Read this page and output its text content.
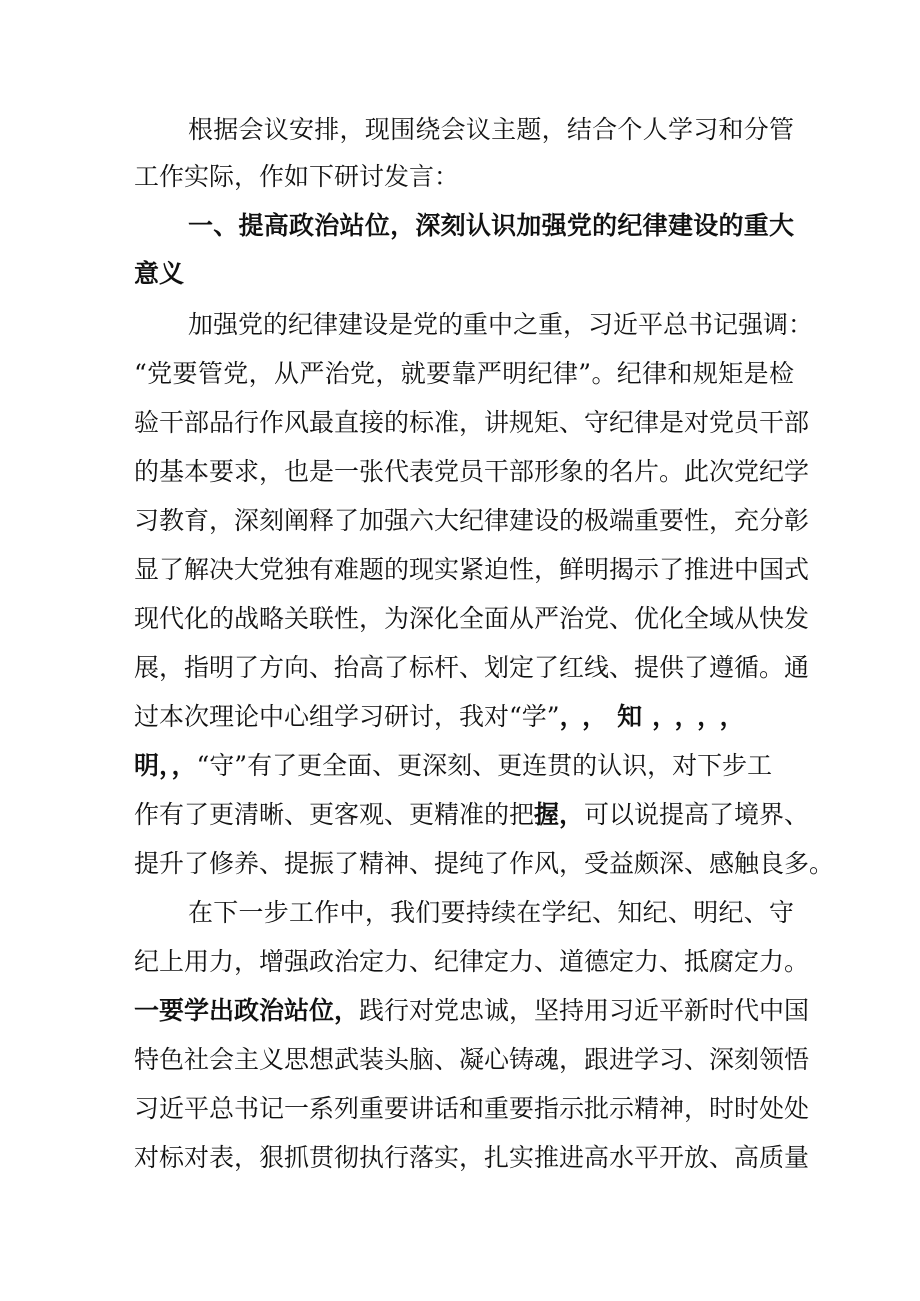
根据会议安排，现围绕会议主题，结合个人学习和分管
工作实际，作如下研讨发言：
一、提高政治站位，深刻认识加强党的纪律建设的重大
意义
加强党的纪律建设是党的重中之重，习近平总书记强调：
“党要管党，从严治党，就要靠严明纪律”。纪律和规矩是检
验干部品行作风最直接的标准，讲规矩、守纪律是对党员干部
的基本要求，也是一张代表党员干部形象的名片。此次党纪学
习教育，深刻阐释了加强六大纪律建设的极端重要性，充分彰
显了解决大党独有难题的现实紧迫性，鲜明揭示了推进中国式
现代化的战略关联性，为深化全面从严治党、优化全域从快发
展，指明了方向、抬高了标杆、划定了红线、提供了遵循。通
过本次理论中心组学习研讨，我对“学”，，知，，，，
明，，“守”有了更全面、更深刻、更连贯的认识，对下步工
作有了更清晰、更客观、更精准的把握，可以说提高了境界、
提升了修养、提振了精神、提纯了作风，受益颇深、感触良多。
在下一步工作中，我们要持续在学纪、知纪、明纪、守
纪上用力，增强政治定力、纪律定力、道德定力、抵腐定力。
一要学出政治站位，践行对党忠诚，坚持用习近平新时代中国
特色社会主义思想武装头脑、凝心铸魂，跟进学习、深刻领悟
习近平总书记一系列重要讲话和重要指示批示精神，时时处处
对标对表，狠抓贯彻执行落实，扎实推进高水平开放、高质量
